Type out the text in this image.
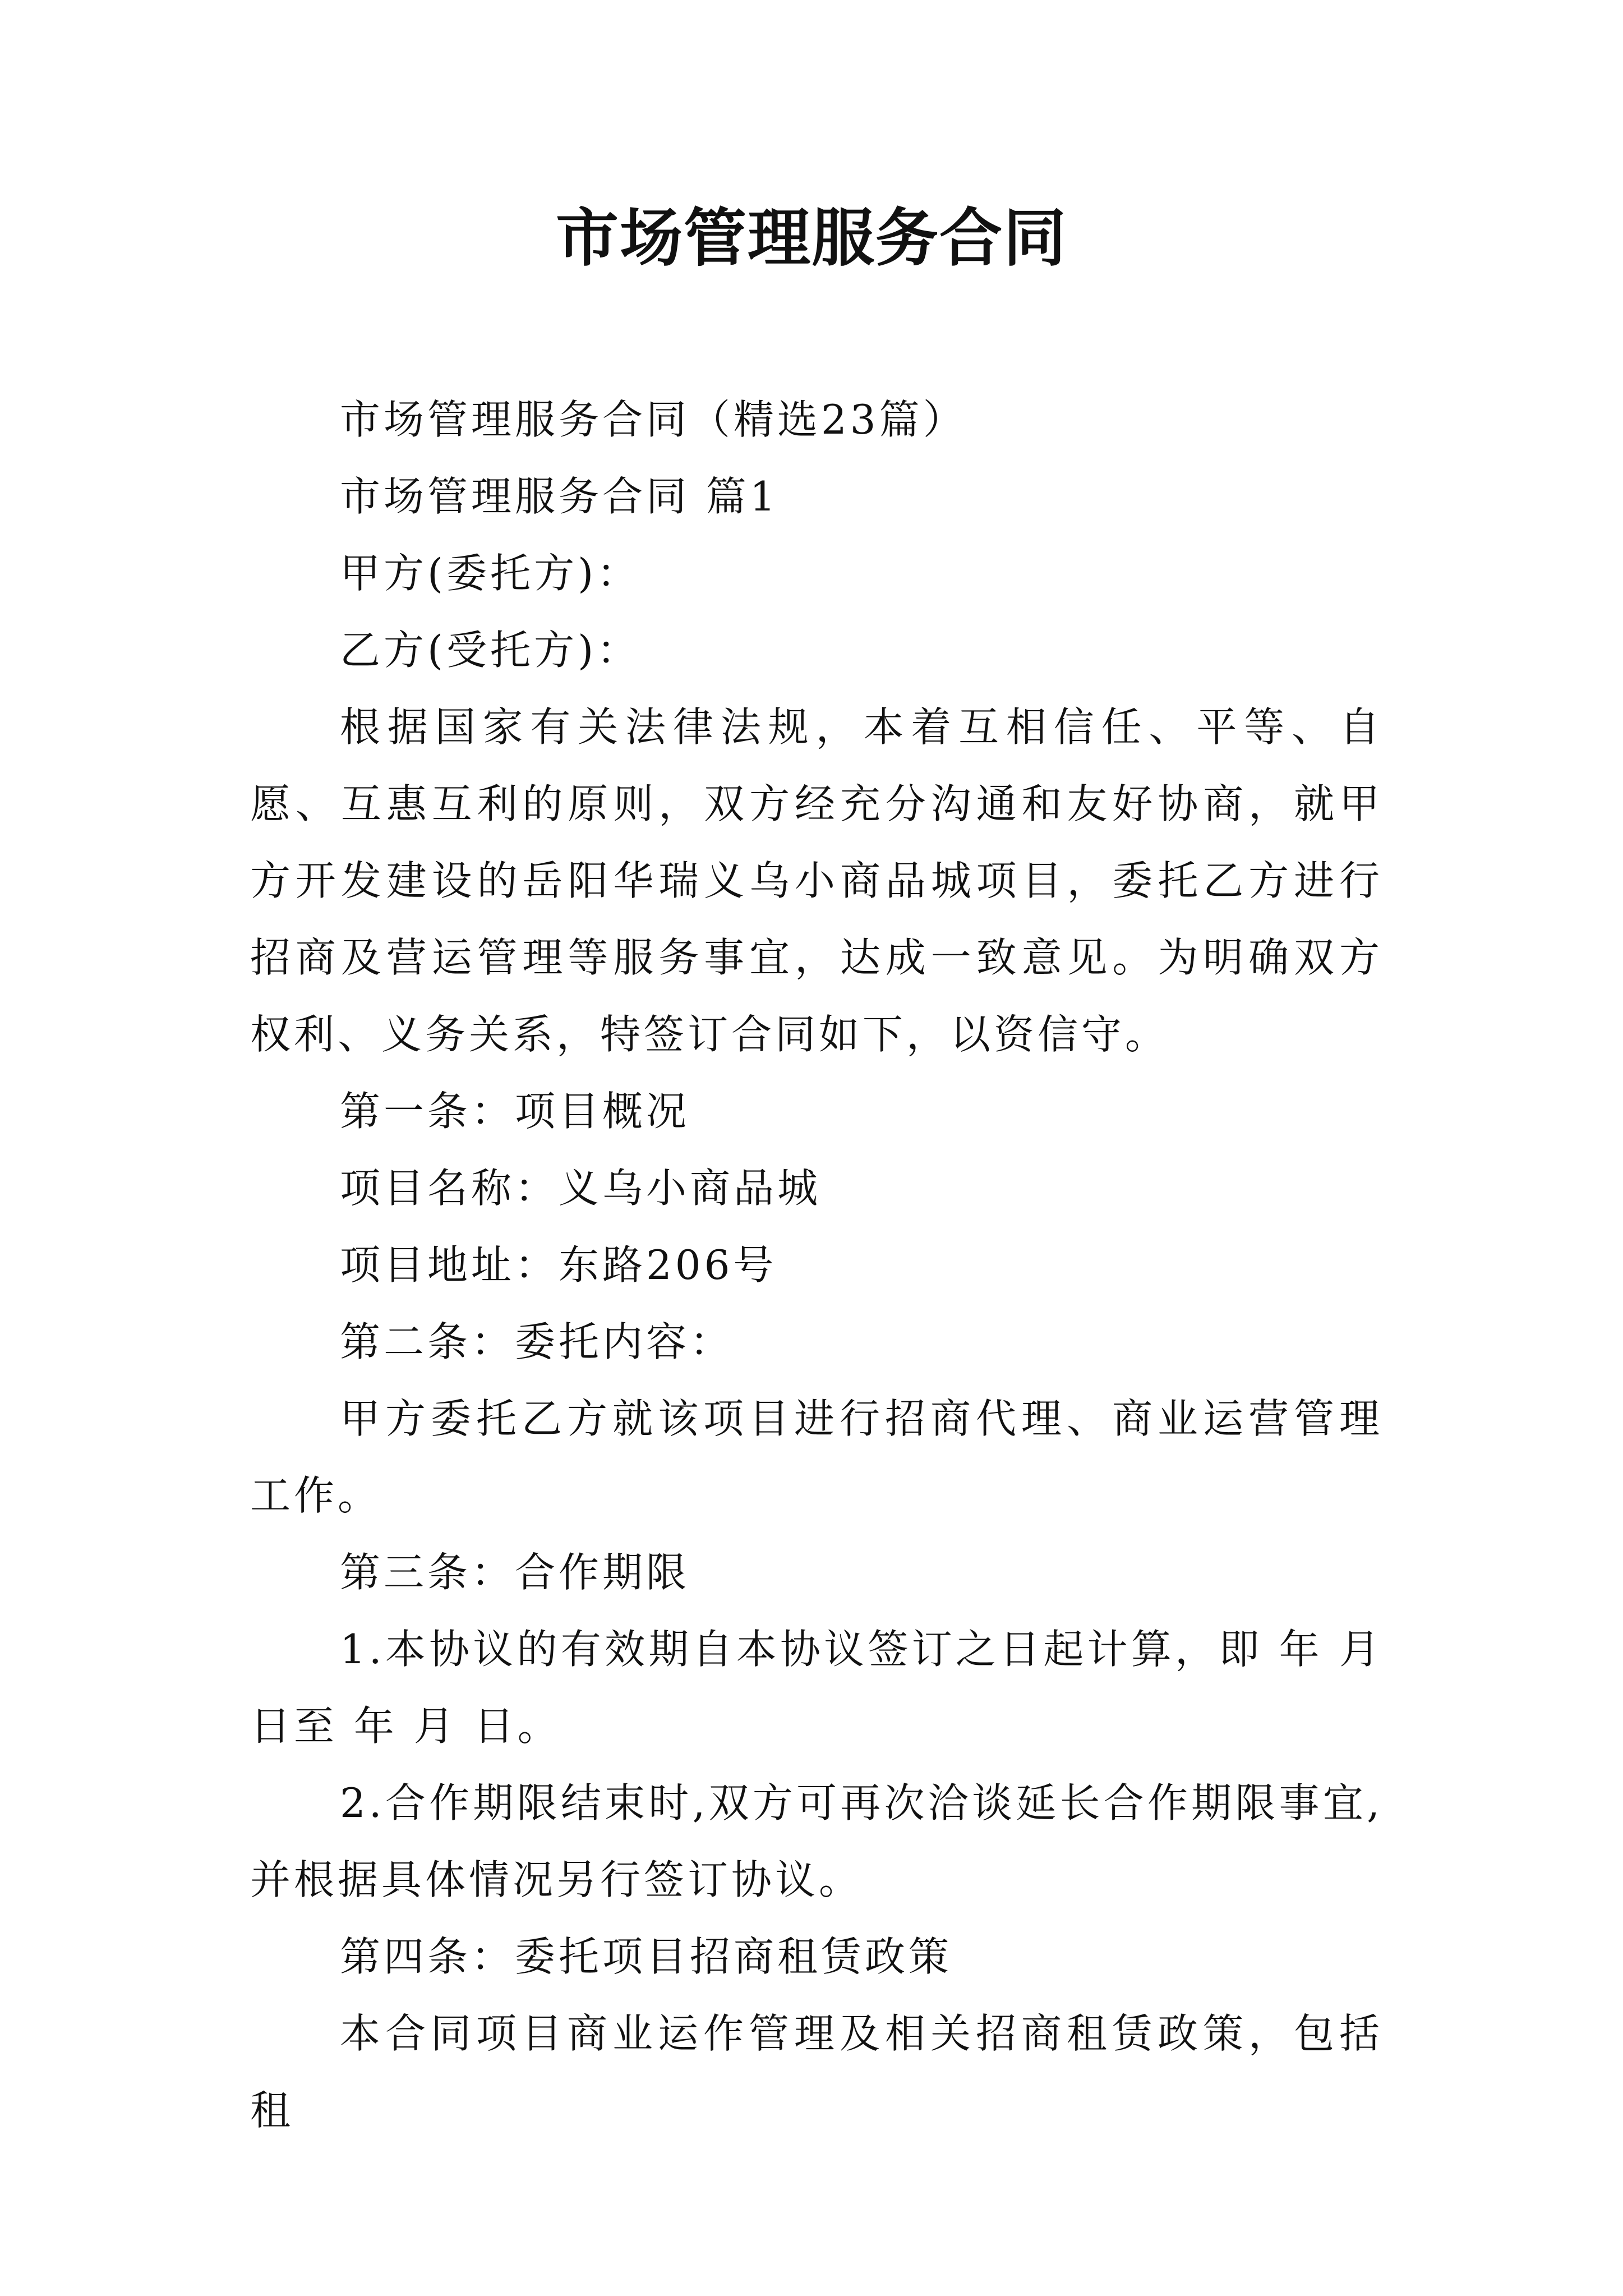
市场管理服务合同

市场管理服务合同（精选23篇）

市场管理服务合同 篇1

甲方(委托方)：

乙方(受托方)：

根据国家有关法律法规，本着互相信任、平等、自愿、互惠互利的原则，双方经充分沟通和友好协商，就甲方开发建设的岳阳华瑞义乌小商品城项目，委托乙方进行招商及营运管理等服务事宜，达成一致意见。为明确双方权利、义务关系，特签订合同如下，以资信守。

第一条：项目概况

项目名称：义乌小商品城

项目地址：东路206号

第二条：委托内容：

甲方委托乙方就该项目进行招商代理、商业运营管理工作。

第三条：合作期限

1.本协议的有效期自本协议签订之日起计算，即 年 月 日至 年 月 日。

2.合作期限结束时,双方可再次洽谈延长合作期限事宜,并根据具体情况另行签订协议。

第四条：委托项目招商租赁政策

本合同项目商业运作管理及相关招商租赁政策，包括租
